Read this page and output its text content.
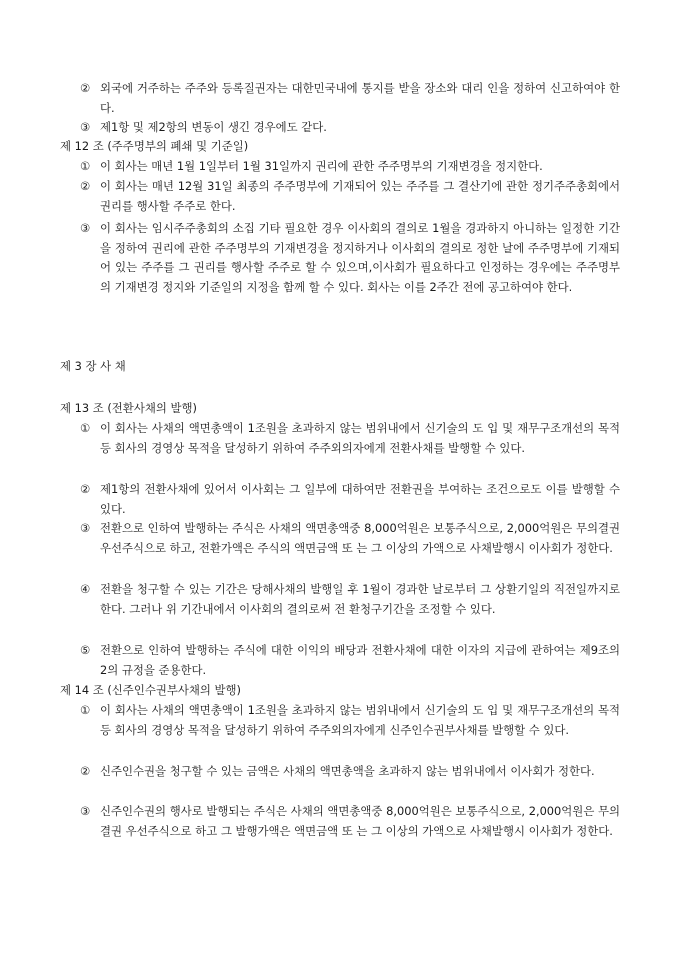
② 외국에 거주하는 주주와 등록질권자는 대한민국내에 통지를 받을 장소와 대리 인을 정하여 신고하여야 한다.
③ 제1항 및 제2항의 변동이 생긴 경우에도 같다.
제 12 조 (주주명부의 폐쇄 및 기준일)
① 이 회사는 매년 1월 1일부터 1월 31일까지 권리에 관한 주주명부의 기재변경을 정지한다.
② 이 회사는 매년 12월 31일 최종의 주주명부에 기재되어 있는 주주를 그 결산기에 관한 정기주주총회에서 권리를 행사할 주주로 한다.
③ 이 회사는 임시주주총회의 소집 기타 필요한 경우 이사회의 결의로 1월을 경과하지 아니하는 일정한 기간을 정하여 권리에 관한 주주명부의 기재변경을 정지하거나 이사회의 결의로 정한 날에 주주명부에 기재되어 있는 주주를 그 권리를 행사할 주주로 할 수 있으며,이사회가 필요하다고 인정하는 경우에는 주주명부의 기재변경 정지와 기준일의 지정을 함께 할 수 있다. 회사는 이를 2주간 전에 공고하여야 한다.
제 3 장 사 채
제 13 조 (전환사채의 발행)
① 이 회사는 사채의 액면총액이 1조원을 초과하지 않는 범위내에서 신기술의 도 입 및 재무구조개선의 목적등 회사의 경영상 목적을 달성하기 위하여 주주외의자에게 전환사채를 발행할 수 있다.
② 제1항의 전환사채에 있어서 이사회는 그 일부에 대하여만 전환권을 부여하는 조건으로도 이를 발행할 수 있다.
③ 전환으로 인하여 발행하는 주식은 사채의 액면총액중 8,000억원은 보통주식으로, 2,000억원은 무의결권 우선주식으로 하고, 전환가액은 주식의 액면금액 또 는 그 이상의 가액으로 사채발행시 이사회가 정한다.
④ 전환을 청구할 수 있는 기간은 당해사채의 발행일 후 1월이 경과한 날로부터 그 상환기일의 직전일까지로 한다. 그러나 위 기간내에서 이사회의 결의로써 전 환청구기간을 조정할 수 있다.
⑤ 전환으로 인하여 발행하는 주식에 대한 이익의 배당과 전환사채에 대한 이자의 지급에 관하여는 제9조의 2의 규정을 준용한다.
제 14 조 (신주인수권부사채의 발행)
① 이 회사는 사채의 액면총액이 1조원을 초과하지 않는 범위내에서 신기술의 도 입 및 재무구조개선의 목적등 회사의 경영상 목적을 달성하기 위하여 주주외의자에게 신주인수권부사채를 발행할 수 있다.
② 신주인수권을 청구할 수 있는 금액은 사채의 액면총액을 초과하지 않는 범위내에서 이사회가 정한다.
③ 신주인수권의 행사로 발행되는 주식은 사채의 액면총액중 8,000억원은 보통주식으로, 2,000억원은 무의결권 우선주식으로 하고 그 발행가액은 액면금액 또 는 그 이상의 가액으로 사채발행시 이사회가 정한다.
